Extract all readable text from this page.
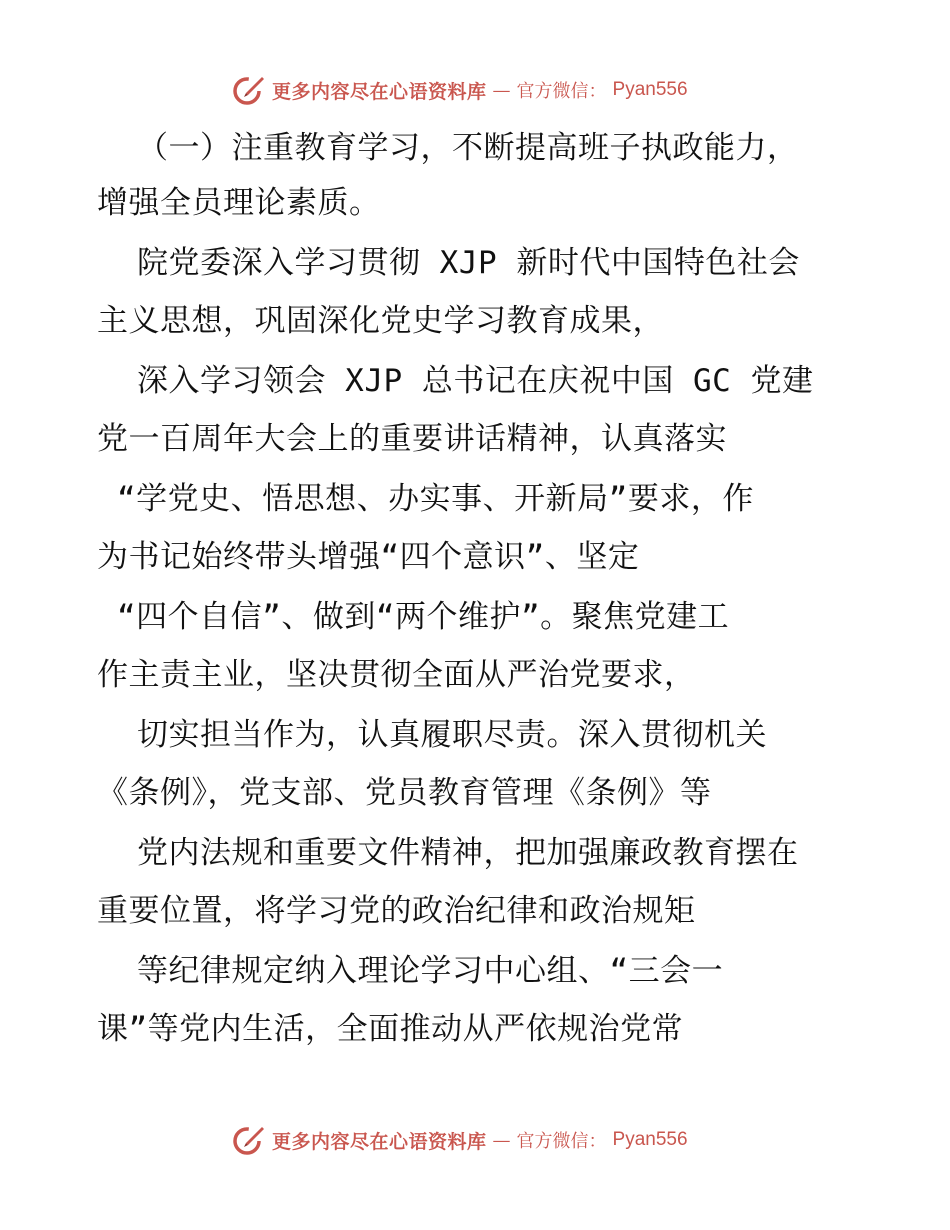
更多内容尽在心语资料库 — 官方微信： Pyan556
（一）注重教育学习，不断提高班子执政能力，
增强全员理论素质。
院党委深入学习贯彻 XJP 新时代中国特色社会
主义思想，巩固深化党史学习教育成果，
深入学习领会 XJP 总书记在庆祝中国 GC 党建
党一百周年大会上的重要讲话精神，认真落实
“学党史、悟思想、办实事、开新局”要求，作
为书记始终带头增强“四个意识”、坚定
“四个自信”、做到“两个维护”。聚焦党建工
作主责主业，坚决贯彻全面从严治党要求，
切实担当作为，认真履职尽责。深入贯彻机关
《条例》，党支部、党员教育管理《条例》等
党内法规和重要文件精神，把加强廉政教育摆在
重要位置，将学习党的政治纪律和政治规矩
等纪律规定纳入理论学习中心组、“三会一
课”等党内生活，全面推动从严依规治党常
更多内容尽在心语资料库 — 官方微信： Pyan556
